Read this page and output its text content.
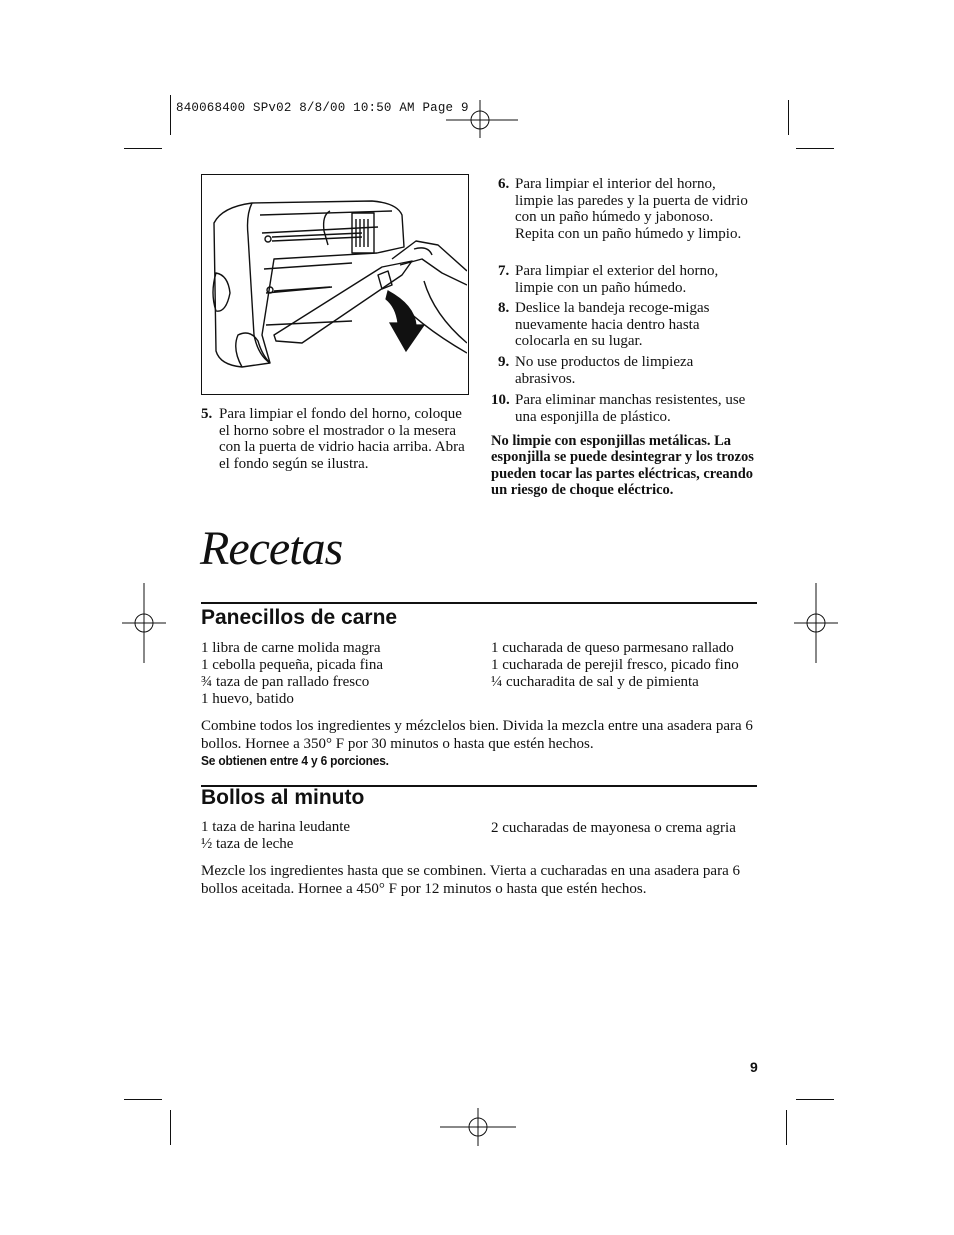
840068400 SPv02 8/8/00 10:50 AM Page 9
5. Para limpiar el fondo del horno, coloque el horno sobre el mostrador o la mesera con la puerta de vidrio hacia arriba. Abra el fondo según se ilustra.
6. Para limpiar el interior del horno, limpie las paredes y la puerta de vidrio con un paño húmedo y jabonoso. Repita con un paño húmedo y limpio.
7. Para limpiar el exterior del horno, limpie con un paño húmedo.
8. Deslice la bandeja recoge-migas nuevamente hacia dentro hasta colocarla en su lugar.
9. No use productos de limpieza abrasivos.
10. Para eliminar manchas resistentes, use una esponjilla de plástico.
No limpie con esponjillas metálicas. La esponjilla se puede desintegrar y los trozos pueden tocar las partes eléctricas, creando un riesgo de choque eléctrico.
Recetas
Panecillos de carne
1 libra de carne molida magra
1 cebolla pequeña, picada fina
¾ taza de pan rallado fresco
1 huevo, batido
1 cucharada de queso parmesano rallado
1 cucharada de perejil fresco, picado fino
¼ cucharadita de sal y de pimienta
Combine todos los ingredientes y mézclelos bien. Divida la mezcla entre una asadera para 6 bollos. Hornee a 350° F por 30 minutos o hasta que estén hechos.
Se obtienen entre 4 y 6 porciones.
Bollos al minuto
1 taza de harina leudante
½ taza de leche
2 cucharadas de mayonesa o crema agria
Mezcle los ingredientes hasta que se combinen. Vierta a cucharadas en una asadera para 6 bollos aceitada. Hornee a 450° F por 12 minutos o hasta que estén hechos.
9
